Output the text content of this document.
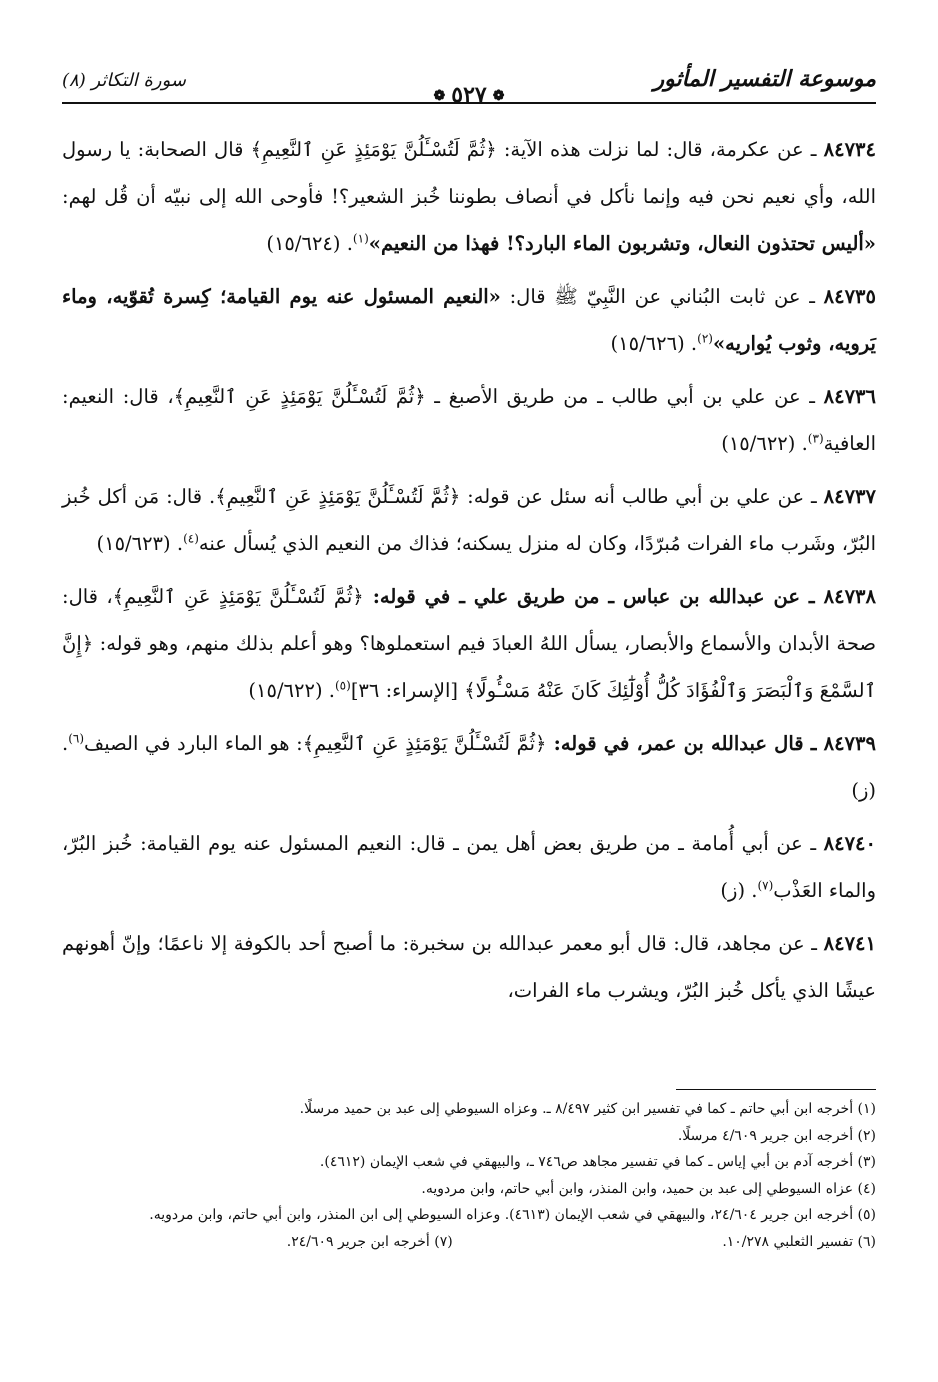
موسوعة التفسير المأثور
❁٥٢٧❁
سورة التكاثر (٨)

٨٤٧٣٤ ـ عن عكرمة، قال: لما نزلت هذه الآية: ﴿ثُمَّ لَتُسْـَٔلُنَّ يَوْمَئِذٍ عَنِ ٱلنَّعِيمِ﴾ قال الصحابة: يا رسول الله، وأي نعيم نحن فيه وإنما نأكل في أنصاف بطوننا خُبز الشعير؟! فأوحى الله إلى نبيّه أن قُل لهم: «أليس تحتذون النعال، وتشربون الماء البارد؟! فهذا من النعيم»$^{(١)}$. (١٥/٦٢٤)

٨٤٧٣٥ ـ عن ثابت البُناني عن النَّبِيّ ﷺ قال: «النعيم المسئول عنه يوم القيامة؛ كِسرة تُقوّيه، وماء يَرويه، وثوب يُواريه»$^{(٢)}$. (١٥/٦٢٦)

٨٤٧٣٦ ـ عن علي بن أبي طالب ـ من طريق الأصبغ ـ ﴿ثُمَّ لَتُسْـَٔلُنَّ يَوْمَئِذٍ عَنِ ٱلنَّعِيمِ﴾، قال: النعيم: العافية$^{(٣)}$. (١٥/٦٢٢)

٨٤٧٣٧ ـ عن علي بن أبي طالب أنه سئل عن قوله: ﴿ثُمَّ لَتُسْـَٔلُنَّ يَوْمَئِذٍ عَنِ ٱلنَّعِيمِ﴾. قال: مَن أكل خُبز البُرّ، وشَرب ماء الفرات مُبرّدًا، وكان له منزل يسكنه؛ فذاك من النعيم الذي يُسأل عنه$^{(٤)}$. (١٥/٦٢٣)

٨٤٧٣٨ ـ عن عبدالله بن عباس ـ من طريق علي ـ في قوله: ﴿ثُمَّ لَتُسْـَٔلُنَّ يَوْمَئِذٍ عَنِ ٱلنَّعِيمِ﴾، قال: صحة الأبدان والأسماع والأبصار، يسأل اللهُ العبادَ فيم استعملوها؟ وهو أعلم بذلك منهم، وهو قوله: ﴿إِنَّ ٱلسَّمْعَ وَٱلْبَصَرَ وَٱلْفُؤَادَ كُلُّ أُوْلَٰٓئِكَ كَانَ عَنْهُ مَسْـُٔولًا﴾ [الإسراء: ٣٦]$^{(٥)}$. (١٥/٦٢٢)

٨٤٧٣٩ ـ قال عبدالله بن عمر، في قوله: ﴿ثُمَّ لَتُسْـَٔلُنَّ يَوْمَئِذٍ عَنِ ٱلنَّعِيمِ﴾: هو الماء البارد في الصيف$^{(٦)}$. (ز)

٨٤٧٤٠ ـ عن أبي أُمامة ـ من طريق بعض أهل يمن ـ قال: النعيم المسئول عنه يوم القيامة: خُبز البُرّ، والماء العَذْب$^{(٧)}$. (ز)

٨٤٧٤١ ـ عن مجاهد، قال: قال أبو معمر عبدالله بن سخبرة: ما أصبح أحد بالكوفة إلا ناعمًا؛ وإنّ أهونهم عيشًا الذي يأكل خُبز البُرّ، ويشرب ماء الفرات،

(١) أخرجه ابن أبي حاتم ـ كما في تفسير ابن كثير ٨/٤٩٧ ـ. وعزاه السيوطي إلى عبد بن حميد مرسلًا.

(٢) أخرجه ابن جرير ٤/٦٠٩ مرسلًا.

(٣) أخرجه آدم بن أبي إياس ـ كما في تفسير مجاهد ص٧٤٦ ـ، والبيهقي في شعب الإيمان (٤٦١٢).

(٤) عزاه السيوطي إلى عبد بن حميد، وابن المنذر، وابن أبي حاتم، وابن مردويه.

(٥) أخرجه ابن جرير ٢٤/٦٠٤، والبيهقي في شعب الإيمان (٤٦١٣). وعزاه السيوطي إلى ابن المنذر، وابن أبي حاتم، وابن مردويه.

(٦) تفسير الثعلبي ١٠/٢٧٨.

(٧) أخرجه ابن جرير ٢٤/٦٠٩.
